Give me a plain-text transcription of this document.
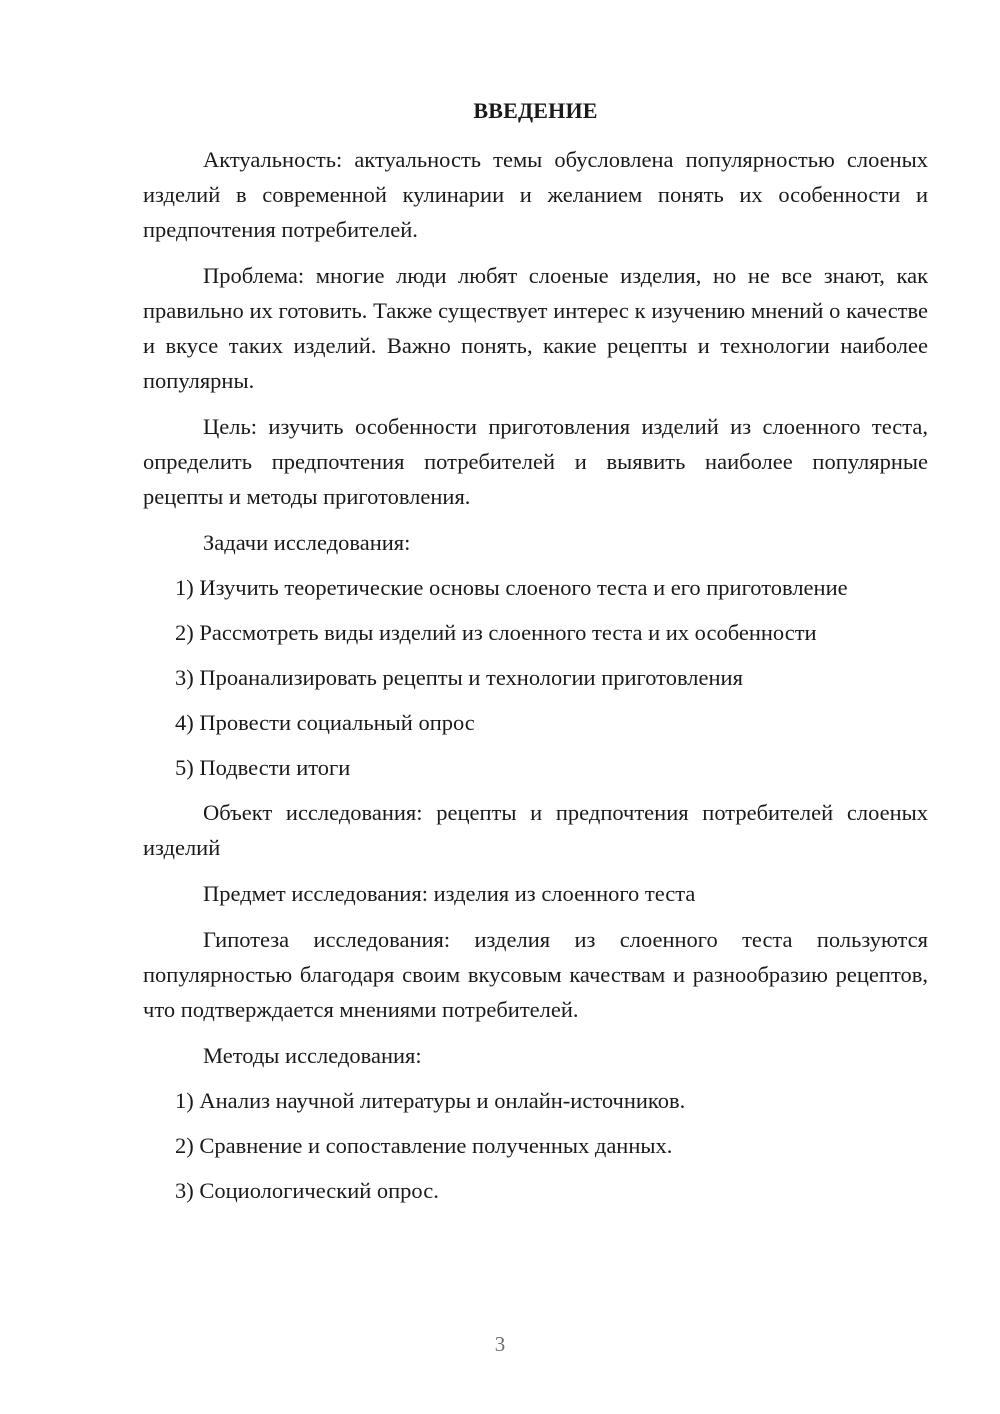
ВВЕДЕНИЕ

Актуальность: актуальность темы обусловлена популярностью слоеных изделий в современной кулинарии и желанием понять их особенности и предпочтения потребителей.

Проблема: многие люди любят слоеные изделия, но не все знают, как правильно их готовить. Также существует интерес к изучению мнений о качестве и вкусе таких изделий. Важно понять, какие рецепты и технологии наиболее популярны.

Цель: изучить особенности приготовления изделий из слоенного теста, определить предпочтения потребителей и выявить наиболее популярные рецепты и методы приготовления.

Задачи исследования:

1) Изучить теоретические основы слоеного теста и его приготовление
2) Рассмотреть виды изделий из слоенного теста и их особенности
3) Проанализировать рецепты и технологии приготовления
4) Провести социальный опрос
5) Подвести итоги

Объект исследования: рецепты и предпочтения потребителей слоеных изделий

Предмет исследования: изделия из слоенного теста

Гипотеза исследования: изделия из слоенного теста пользуются популярностью благодаря своим вкусовым качествам и разнообразию рецептов, что подтверждается мнениями потребителей.

Методы исследования:

1) Анализ научной литературы и онлайн-источников.
2) Сравнение и сопоставление полученных данных.
3) Социологический опрос.
3
